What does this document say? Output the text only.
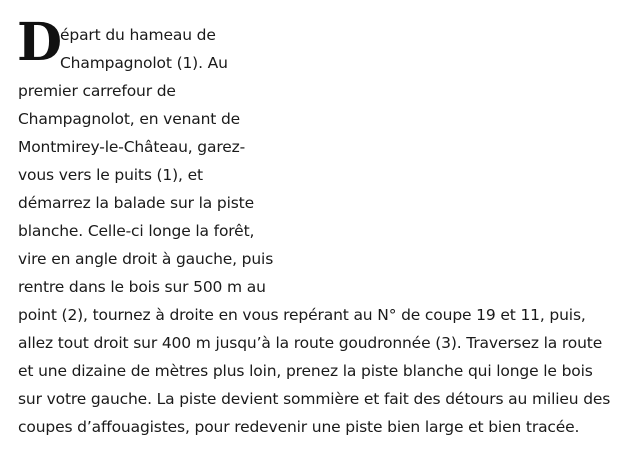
D
épart du hameau de
Champagnolot (1). Au
premier carrefour de
Champagnolot, en venant de
Montmirey-le-Château, garez-
vous vers le puits (1), et
démarrez la balade sur la piste
blanche. Celle-ci longe la forêt,
vire en angle droit à gauche, puis
rentre dans le bois sur 500 m au
point (2), tournez à droite en vous repérant au N° de coupe 19 et 11, puis,
allez tout droit sur 400 m jusqu’à la route goudronnée (3). Traversez la route
et une dizaine de mètres plus loin, prenez la piste blanche qui longe le bois
sur votre gauche. La piste devient sommière et fait des détours au milieu des
coupes d’affouagistes, pour redevenir une piste bien large et bien tracée.
